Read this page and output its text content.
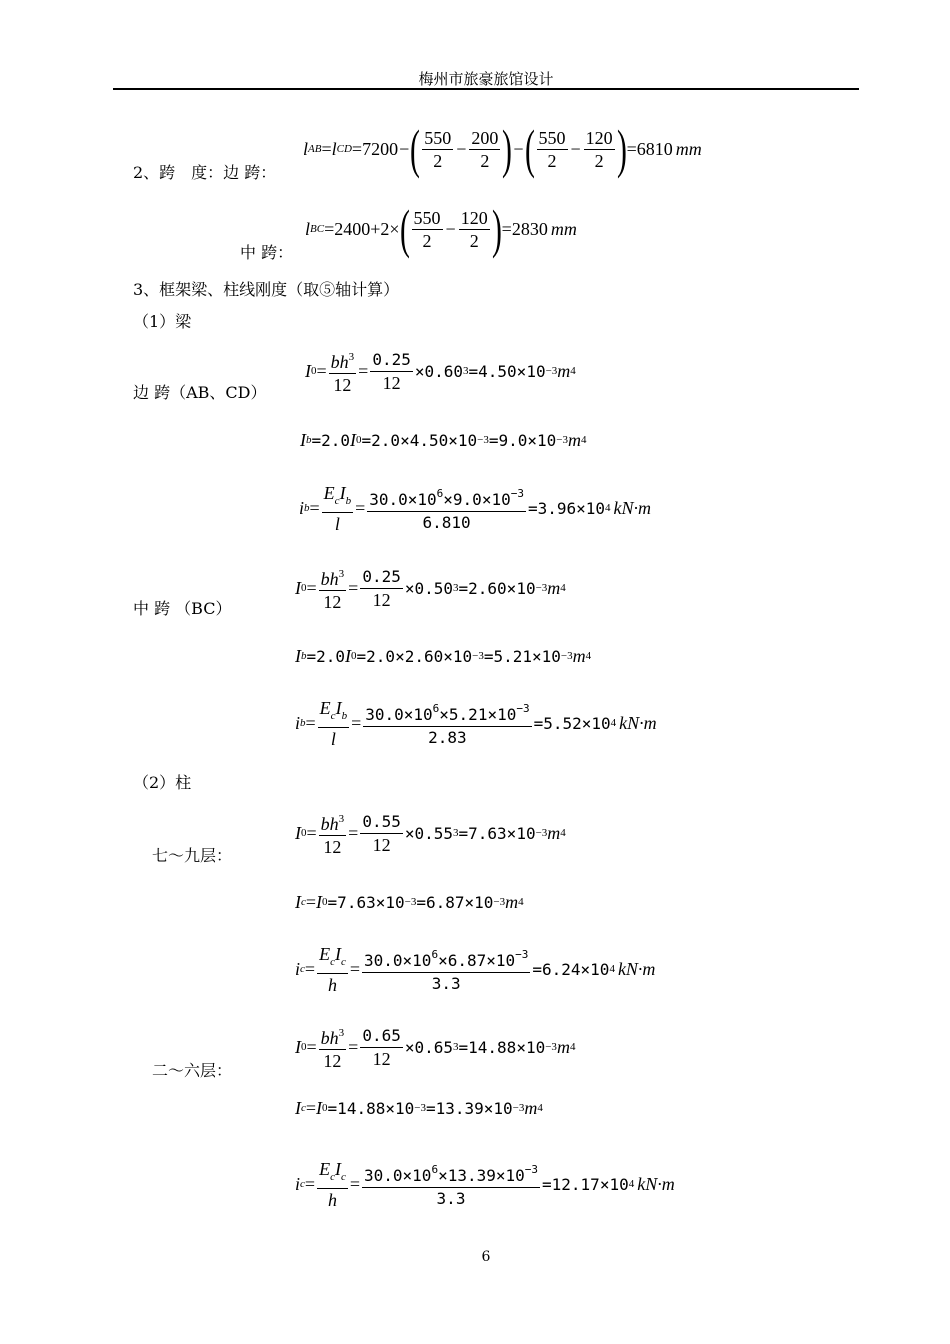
梅州市旅豪旅馆设计
2、跨　度：边 跨：
l AB = l CD =7200 − ( $\frac{550}{2} - \frac{200}{2}$ ) − ( $\frac{550}{2} - \frac{120}{2}$ ) =6810 mm
中 跨：
l BC =2400+2× ( $\frac{550}{2} - \frac{120}{2}$ ) =2830 mm
3、框架梁、柱线刚度（取⑤轴计算）
（1）梁
边 跨（AB、CD）
中 跨 （BC）
（2）柱
七～九层：
二～六层：
I $0 = \frac{bh^3}{12} = \frac{0.25}{12} \times 0.60$ 3 =4.50×10 −3 m 4
I b =2.0 I 0 =2.0×4.50×10 −3 =9.0×10 −3 m 4
i $b = \frac{E_cI_b}{l} = \frac{30.0\times 10^6\times 9.0\times 10^{-3}}{6.810} =3.96\times 10$ 4 kN·m
I $0 = \frac{bh^3}{12} = \frac{0.25}{12} \times 0.50$ 3 =2.60×10 −3 m 4
I b =2.0 I 0 =2.0×2.60×10 −3 =5.21×10 −3 m 4
i $b = \frac{E_cI_b}{l} = \frac{30.0\times 10^6\times 5.21\times 10^{-3}}{2.83} =5.52\times 10$ 4 kN·m
I $0 = \frac{bh^3}{12} = \frac{0.55}{12} \times 0.55$ 3 =7.63×10 −3 m 4
I c = I 0 =7.63×10 −3 =6.87×10 −3 m 4
i $c = \frac{E_cI_c}{h} = \frac{30.0\times 10^6\times 6.87\times 10^{-3}}{3.3} =6.24\times 10$ 4 kN·m
I $0 = \frac{bh^3}{12} = \frac{0.65}{12} \times 0.65$ 3 =14.88×10 −3 m 4
I c = I 0 =14.88×10 −3 =13.39×10 −3 m 4
i $c = \frac{E_cI_c}{h} = \frac{30.0\times 10^6\times 13.39\times 10^{-3}}{3.3} =12.17\times 10$ 4 kN·m
6
